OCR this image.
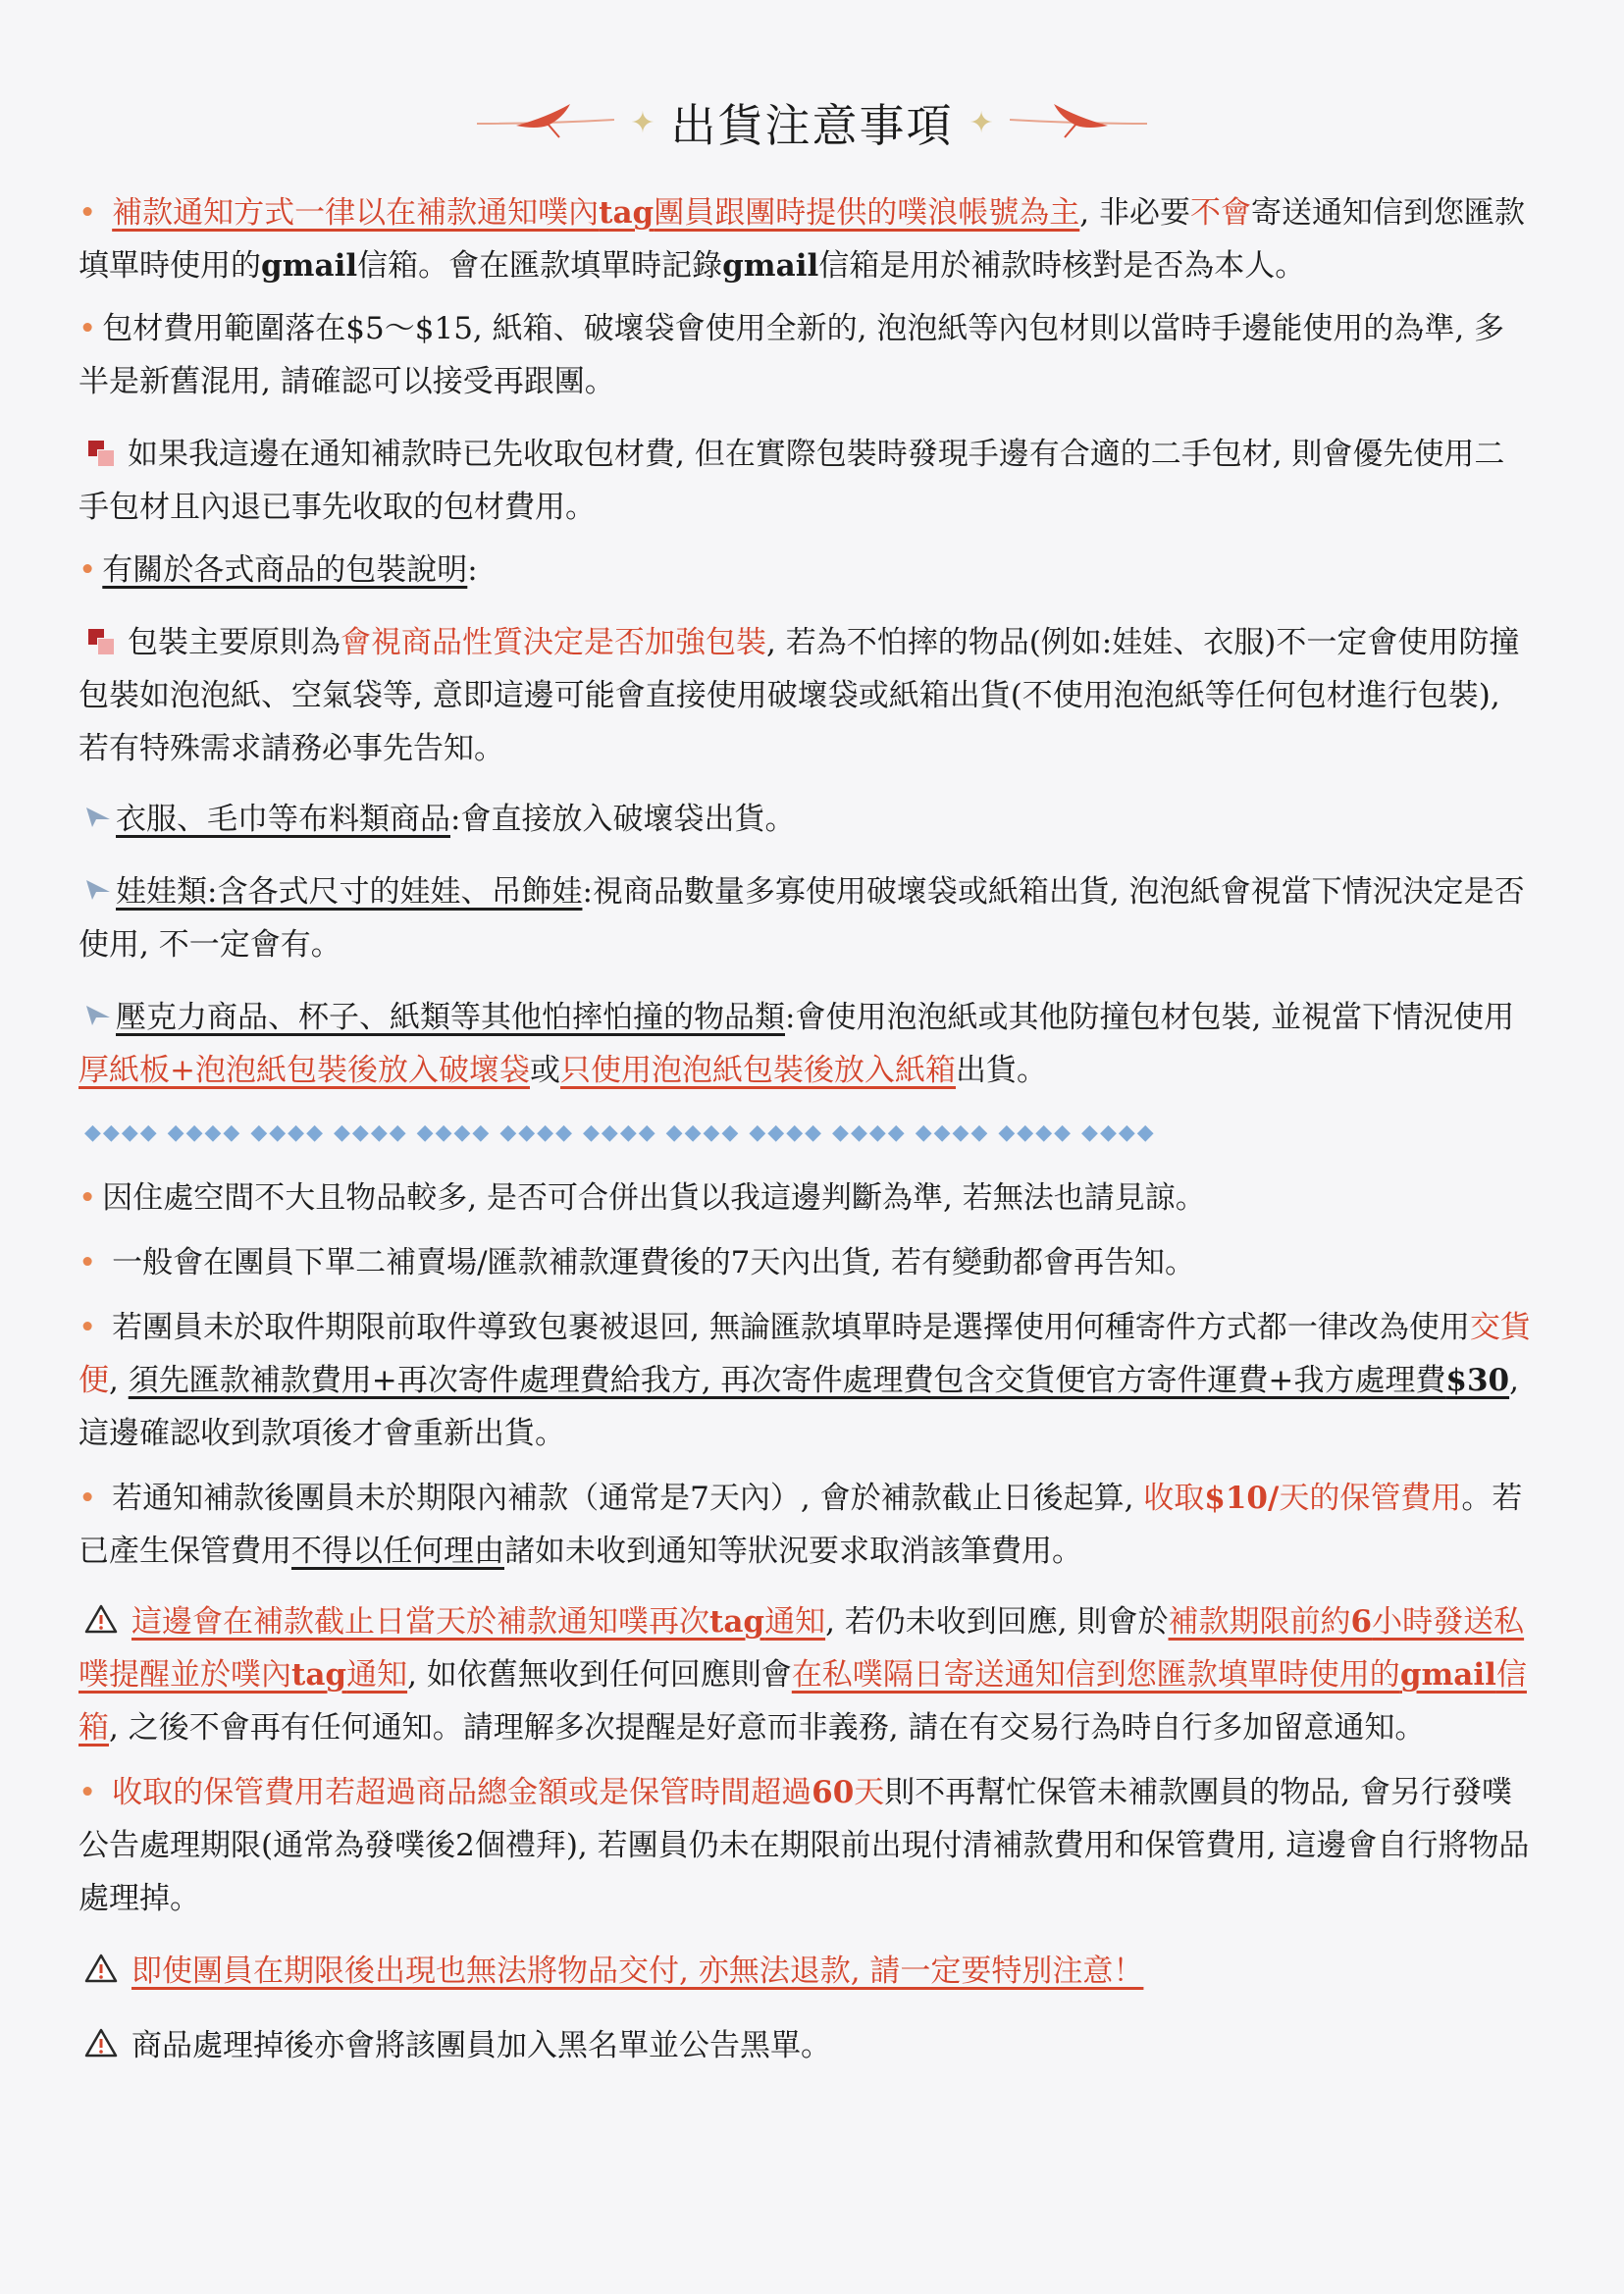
✦ 出貨注意事項 ✦

• 補款通知方式一律以在補款通知噗內tag團員跟團時提供的噗浪帳號為主, 非必要不會寄送通知信到您匯款填單時使用的gmail信箱。會在匯款填單時記錄gmail信箱是用於補款時核對是否為本人。

• 包材費用範圍落在$5～$15, 紙箱、破壞袋會使用全新的, 泡泡紙等內包材則以當時手邊能使用的為準, 多半是新舊混用, 請確認可以接受再跟團。

如果我這邊在通知補款時已先收取包材費, 但在實際包裝時發現手邊有合適的二手包材, 則會優先使用二手包材且內退已事先收取的包材費用。

• 有關於各式商品的包裝說明:

包裝主要原則為會視商品性質決定是否加強包裝, 若為不怕摔的物品(例如:娃娃、衣服)不一定會使用防撞包裝如泡泡紙、空氣袋等, 意即這邊可能會直接使用破壞袋或紙箱出貨(不使用泡泡紙等任何包材進行包裝), 若有特殊需求請務必事先告知。

衣服、毛巾等布料類商品:會直接放入破壞袋出貨。

娃娃類:含各式尺寸的娃娃、吊飾娃:視商品數量多寡使用破壞袋或紙箱出貨, 泡泡紙會視當下情況決定是否使用, 不一定會有。

壓克力商品、杯子、紙類等其他怕摔怕撞的物品類:會使用泡泡紙或其他防撞包材包裝, 並視當下情況使用厚紙板+泡泡紙包裝後放入破壞袋或只使用泡泡紙包裝後放入紙箱出貨。

◆◆◆◆ ◆◆◆◆ ◆◆◆◆ ◆◆◆◆ ◆◆◆◆ ◆◆◆◆ ◆◆◆◆ ◆◆◆◆ ◆◆◆◆ ◆◆◆◆ ◆◆◆◆ ◆◆◆◆ ◆◆◆◆

• 因住處空間不大且物品較多, 是否可合併出貨以我這邊判斷為準, 若無法也請見諒。

• 一般會在團員下單二補賣場/匯款補款運費後的7天內出貨, 若有變動都會再告知。

• 若團員未於取件期限前取件導致包裹被退回, 無論匯款填單時是選擇使用何種寄件方式都一律改為使用交貨便, 須先匯款補款費用+再次寄件處理費給我方, 再次寄件處理費包含交貨便官方寄件運費+我方處理費$30, 這邊確認收到款項後才會重新出貨。

• 若通知補款後團員未於期限內補款（通常是7天內）, 會於補款截止日後起算, 收取$10/天的保管費用。若已產生保管費用不得以任何理由諸如未收到通知等狀況要求取消該筆費用。

這邊會在補款截止日當天於補款通知噗再次tag通知, 若仍未收到回應, 則會於補款期限前約6小時發送私噗提醒並於噗內tag通知, 如依舊無收到任何回應則會在私噗隔日寄送通知信到您匯款填單時使用的gmail信箱, 之後不會再有任何通知。請理解多次提醒是好意而非義務, 請在有交易行為時自行多加留意通知。

• 收取的保管費用若超過商品總金額或是保管時間超過60天則不再幫忙保管未補款團員的物品, 會另行發噗公告處理期限(通常為發噗後2個禮拜), 若團員仍未在期限前出現付清補款費用和保管費用, 這邊會自行將物品處理掉。

即使團員在期限後出現也無法將物品交付, 亦無法退款, 請一定要特別注意！

商品處理掉後亦會將該團員加入黑名單並公告黑單。
